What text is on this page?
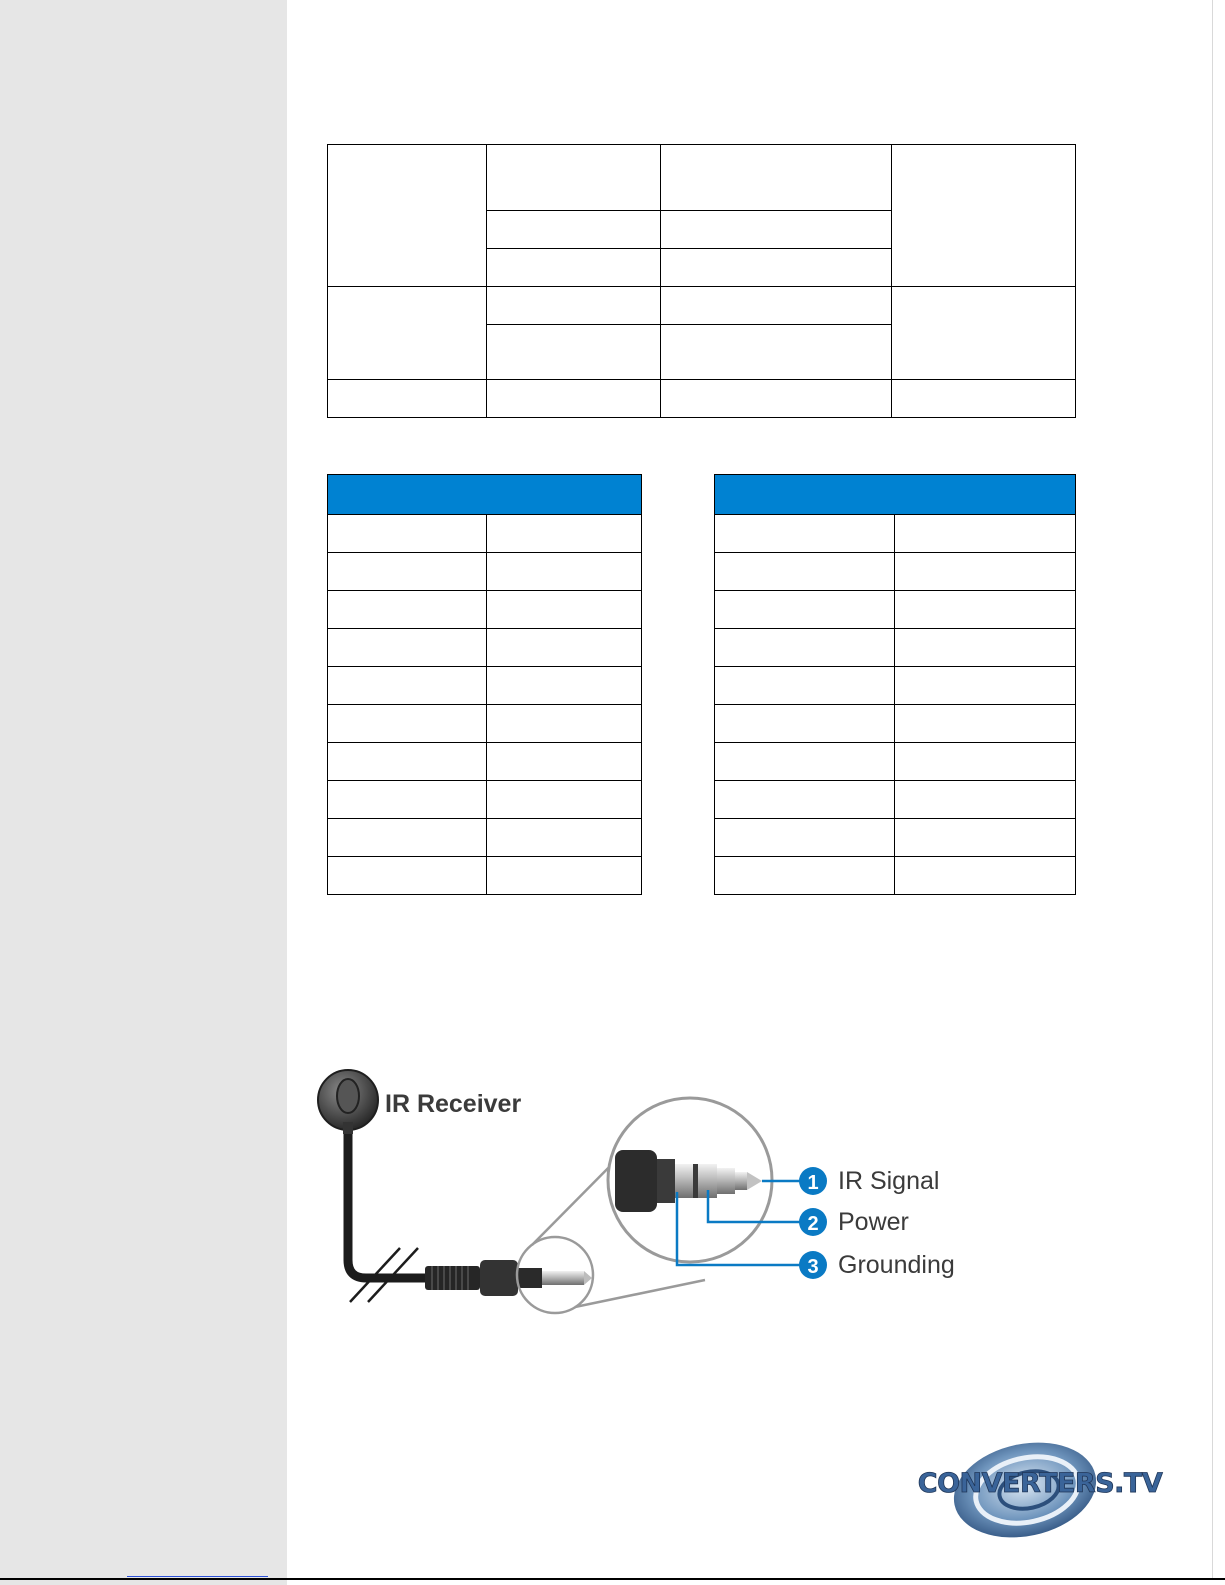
IR Receiver
1 IR Signal
2 Power
3 Grounding
CONVERTERS.TV
